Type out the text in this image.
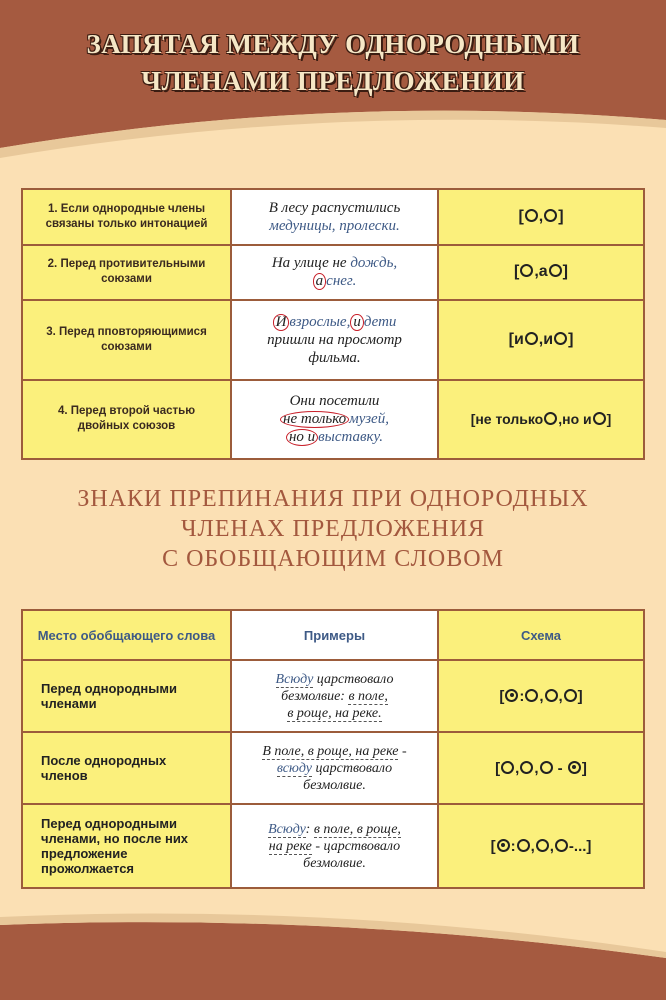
ЗАПЯТАЯ МЕЖДУ ОДНОРОДНЫМИ
ЧЛЕНАМИ ПРЕДЛОЖЕНИИ
1. Если однородные члены связаны только интонацией	В лесу распустились
медуницы, пролески.	[ , ]
2. Перед противительными союзами	На улице не дождь,
а снег.	[ ,а ]
3. Перед пповторяющимися союзами	И взрослые, и дети
пришли на просмотр
фильма.	[и ,и ]
4. Перед второй частью двойных союзов	Они посетили
не только музей,
но и выставку.	[не только ,но и ]
ЗНАКИ ПРЕПИНАНИЯ ПРИ ОДНОРОДНЫХ
ЧЛЕНАХ ПРЕДЛОЖЕНИЯ
С ОБОБЩАЮЩИМ СЛОВОМ
Место обобщающего слова	Примеры	Схема
Перед однородными членами	Всюду царствовало
безмолвие: в поле,
в роще, на реке.	[ : , , ]
После однородных членов	В поле, в роще, на реке -
всюду царствовало
безмолвие.	[ , , - ]
Перед однородными членами, но после них предложение прожолжается	Всюду: в поле, в роще,
на реке - царствовало
безмолвие.	[ : , , -...]
